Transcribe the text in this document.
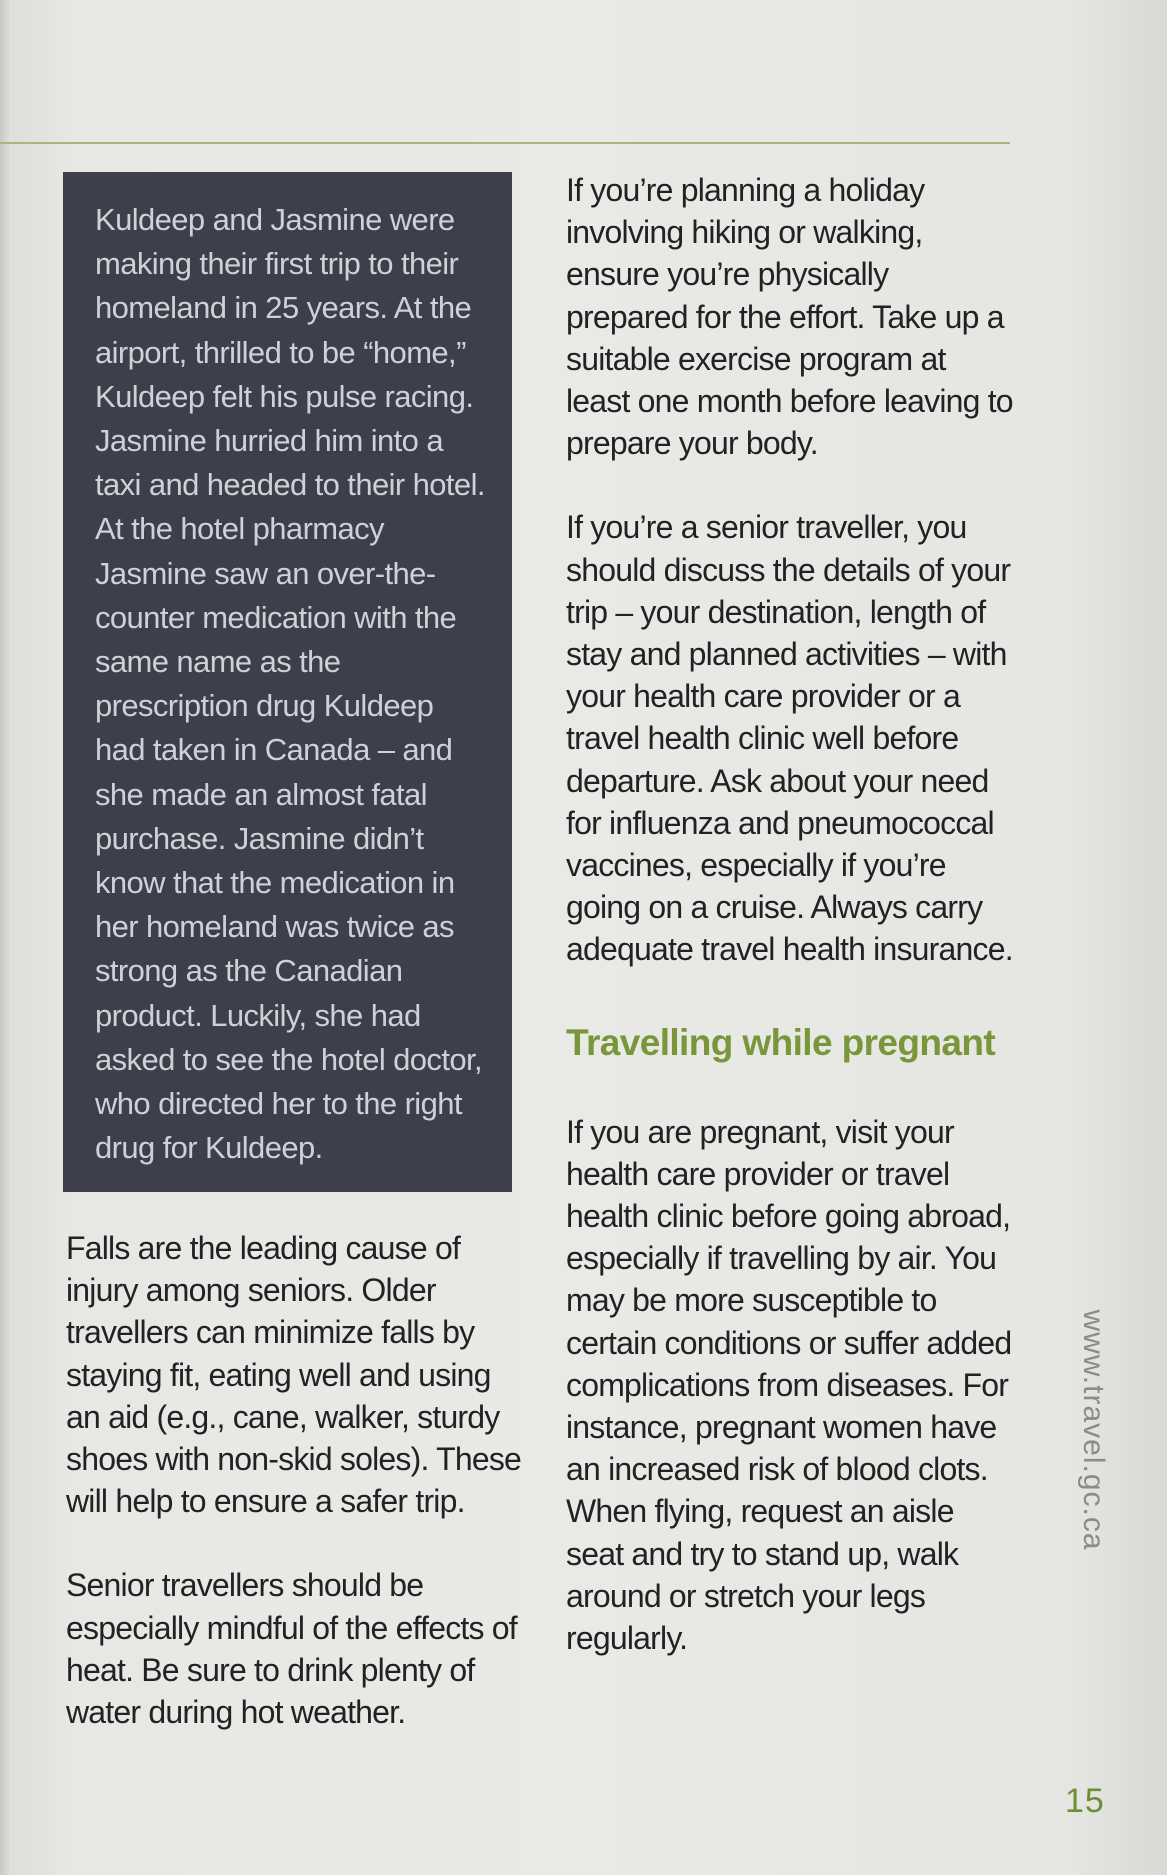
Kuldeep and Jasmine were making their first trip to their homeland in 25 years. At the airport, thrilled to be “home,” Kuldeep felt his pulse racing. Jasmine hurried him into a taxi and headed to their hotel. At the hotel pharmacy Jasmine saw an over-the-counter medication with the same name as the prescription drug Kuldeep had taken in Canada – and she made an almost fatal purchase. Jasmine didn’t know that the medication in her homeland was twice as strong as the Canadian product. Luckily, she had asked to see the hotel doctor, who directed her to the right drug for Kuldeep.

Falls are the leading cause of injury among seniors. Older travellers can minimize falls by staying fit, eating well and using an aid (e.g., cane, walker, sturdy shoes with non-skid soles). These will help to ensure a safer trip.

Senior travellers should be especially mindful of the effects of heat. Be sure to drink plenty of water during hot weather.

If you’re planning a holiday involving hiking or walking, ensure you’re physically prepared for the effort. Take up a suitable exercise program at least one month before leaving to prepare your body.

If you’re a senior traveller, you should discuss the details of your trip – your destination, length of stay and planned activities – with your health care provider or a travel health clinic well before departure. Ask about your need for influenza and pneumococcal vaccines, especially if you’re going on a cruise. Always carry adequate travel health insurance.

Travelling while pregnant

If you are pregnant, visit your health care provider or travel health clinic before going abroad, especially if travelling by air. You may be more susceptible to certain conditions or suffer added complications from diseases. For instance, pregnant women have an increased risk of blood clots. When flying, request an aisle seat and try to stand up, walk around or stretch your legs regularly.

www.travel.gc.ca
15
